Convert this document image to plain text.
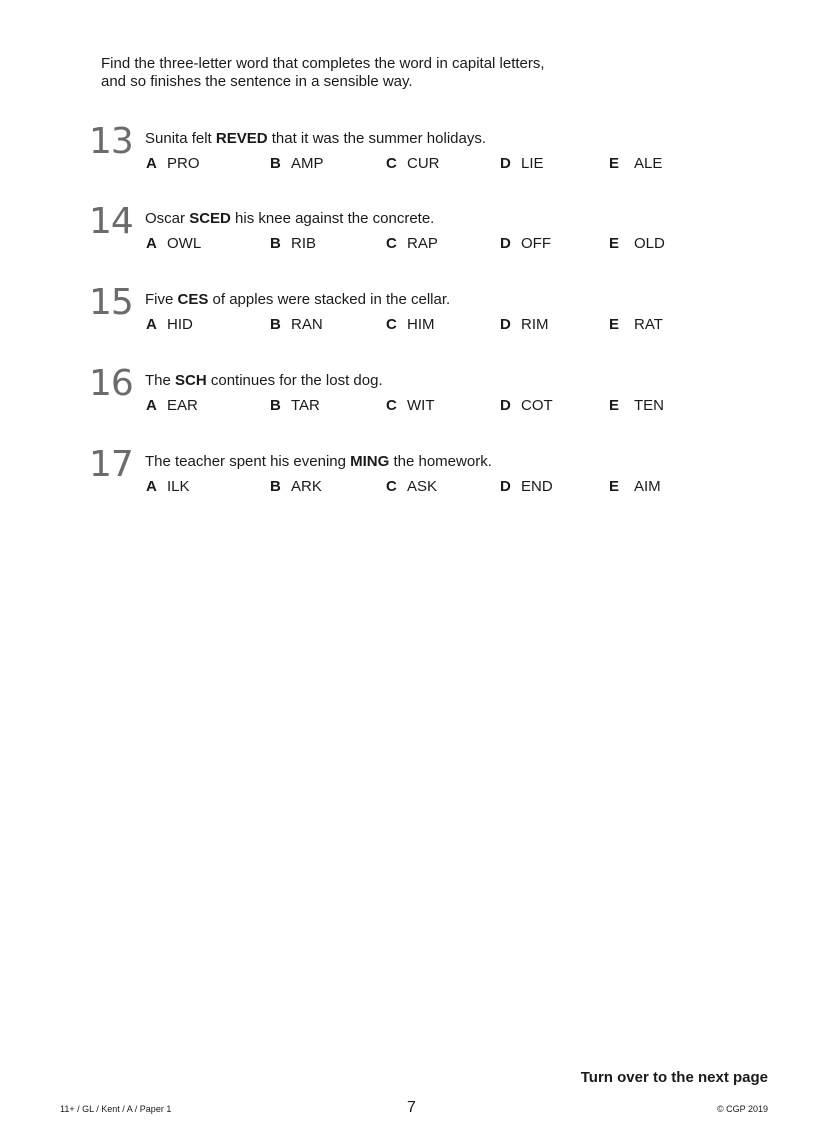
Find the three-letter word that completes the word in capital letters,
and so finishes the sentence in a sensible way.
13 Sunita felt REVED that it was the summer holidays.
A PRO	B AMP	C CUR	D LIE	E ALE
14 Oscar SCED his knee against the concrete.
A OWL	B RIB	C RAP	D OFF	E OLD
15 Five CES of apples were stacked in the cellar.
A HID	B RAN	C HIM	D RIM	E RAT
16 The SCH continues for the lost dog.
A EAR	B TAR	C WIT	D COT	E TEN
17 The teacher spent his evening MING the homework.
A ILK	B ARK	C ASK	D END	E AIM
Turn over to the next page
11+ / GL / Kent / A / Paper 1	7	© CGP 2019
